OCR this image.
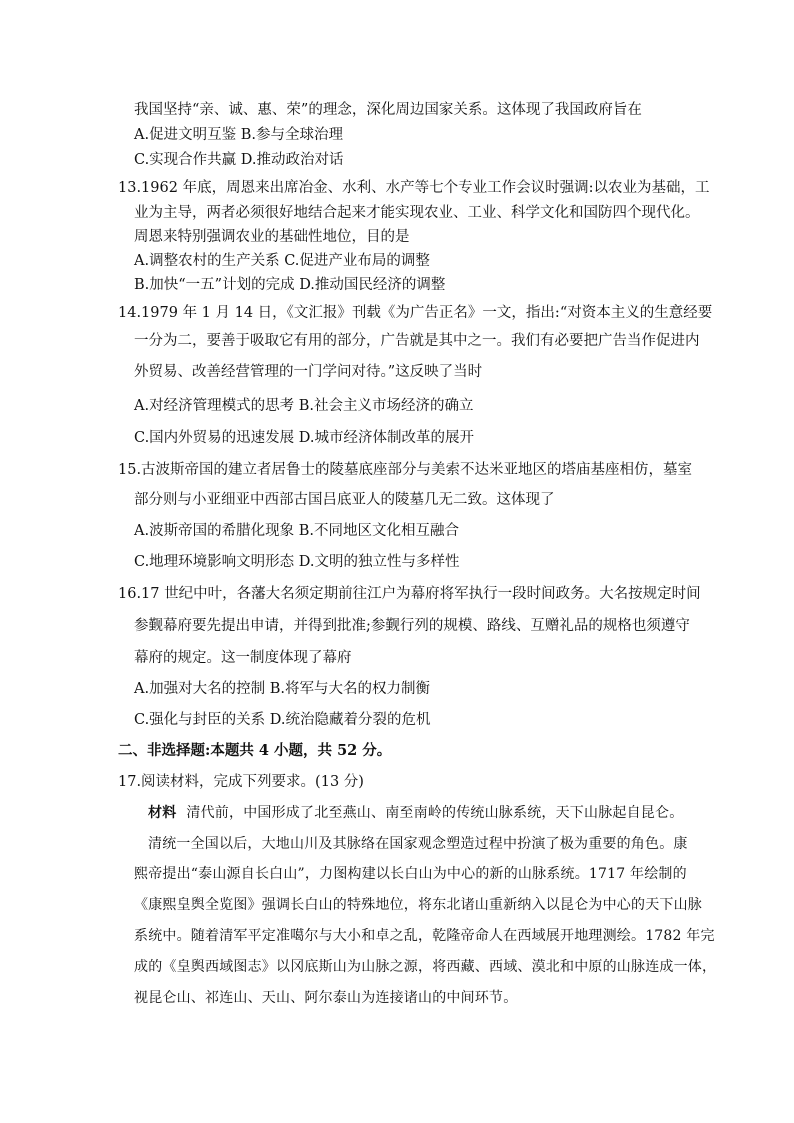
我国坚持“亲、诚、惠、荣”的理念，深化周边国家关系。这体现了我国政府旨在
A.促进文明互鉴 B.参与全球治理
C.实现合作共赢 D.推动政治对话
13.1962 年底，周恩来出席冶金、水利、水产等七个专业工作会议时强调:以农业为基础，工
业为主导，两者必须很好地结合起来才能实现农业、工业、科学文化和国防四个现代化。
周恩来特别强调农业的基础性地位，目的是
A.调整农村的生产关系 C.促进产业布局的调整
B.加快“一五”计划的完成 D.推动国民经济的调整
14.1979 年 1 月 14 日，《文汇报》刊载《为广告正名》一文，指出:“对资本主义的生意经要
一分为二，要善于吸取它有用的部分，广告就是其中之一。我们有必要把广告当作促进内
外贸易、改善经营管理的一门学问对待。”这反映了当时
A.对经济管理模式的思考 B.社会主义市场经济的确立
C.国内外贸易的迅速发展 D.城市经济体制改革的展开
15.古波斯帝国的建立者居鲁士的陵墓底座部分与美索不达米亚地区的塔庙基座相仿，墓室
部分则与小亚细亚中西部古国吕底亚人的陵墓几无二致。这体现了
A.波斯帝国的希腊化现象 B.不同地区文化相互融合
C.地理环境影响文明形态 D.文明的独立性与多样性
16.17 世纪中叶，各藩大名须定期前往江户为幕府将军执行一段时间政务。大名按规定时间
参觐幕府要先提出申请，并得到批准;参觐行列的规模、路线、互赠礼品的规格也须遵守
幕府的规定。这一制度体现了幕府
A.加强对大名的控制 B.将军与大名的权力制衡
C.强化与封臣的关系 D.统治隐藏着分裂的危机
二、非选择题:本题共 4 小题，共 52 分。
17.阅读材料，完成下列要求。(13 分)
材料 清代前，中国形成了北至燕山、南至南岭的传统山脉系统，天下山脉起自昆仑。
清统一全国以后，大地山川及其脉络在国家观念塑造过程中扮演了极为重要的角色。康
熙帝提出“泰山源自长白山”，力图构建以长白山为中心的新的山脉系统。1717 年绘制的
《康熙皇舆全览图》强调长白山的特殊地位，将东北诸山重新纳入以昆仑为中心的天下山脉
系统中。随着清军平定准噶尔与大小和卓之乱，乾隆帝命人在西域展开地理测绘。1782 年完
成的《皇舆西域图志》以冈底斯山为山脉之源，将西藏、西域、漠北和中原的山脉连成一体，
视昆仑山、祁连山、天山、阿尔泰山为连接诸山的中间环节。
